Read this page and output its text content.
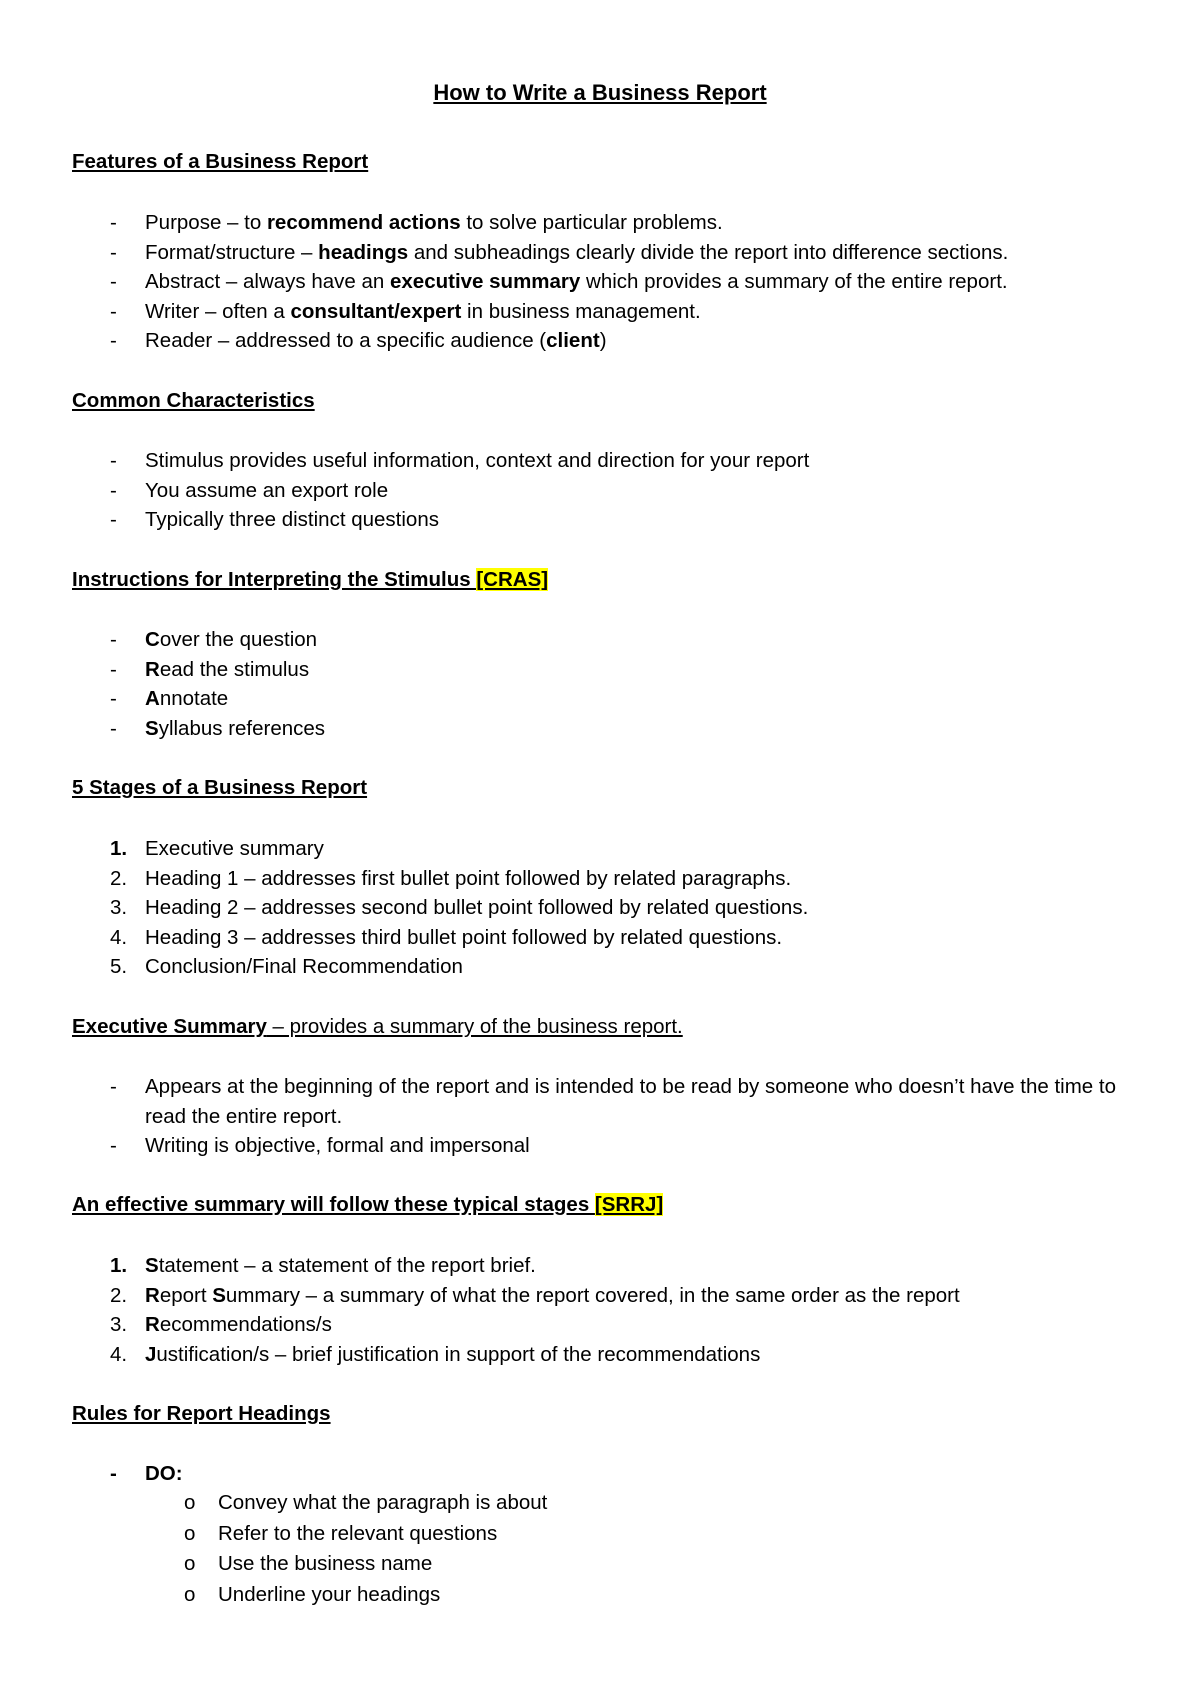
How to Write a Business Report
Features of a Business Report
-	Purpose – to recommend actions to solve particular problems.
-	Format/structure – headings and subheadings clearly divide the report into difference sections.
-	Abstract – always have an executive summary which provides a summary of the entire report.
-	Writer – often a consultant/expert in business management.
-	Reader – addressed to a specific audience (client)
Common Characteristics
-	Stimulus provides useful information, context and direction for your report
-	You assume an export role
-	Typically three distinct questions
Instructions for Interpreting the Stimulus [CRAS]
-	Cover the question
-	Read the stimulus
-	Annotate
-	Syllabus references
5 Stages of a Business Report
1. Executive summary
2. Heading 1 – addresses first bullet point followed by related paragraphs.
3. Heading 2 – addresses second bullet point followed by related questions.
4. Heading 3 – addresses third bullet point followed by related questions.
5. Conclusion/Final Recommendation
Executive Summary – provides a summary of the business report.
-	Appears at the beginning of the report and is intended to be read by someone who doesn’t have the time to read the entire report.
-	Writing is objective, formal and impersonal
An effective summary will follow these typical stages [SRRJ]
1. Statement – a statement of the report brief.
2. Report Summary – a summary of what the report covered, in the same order as the report
3. Recommendations/s
4. Justification/s – brief justification in support of the recommendations
Rules for Report Headings
-	DO:
o Convey what the paragraph is about
o Refer to the relevant questions
o Use the business name
o Underline your headings
